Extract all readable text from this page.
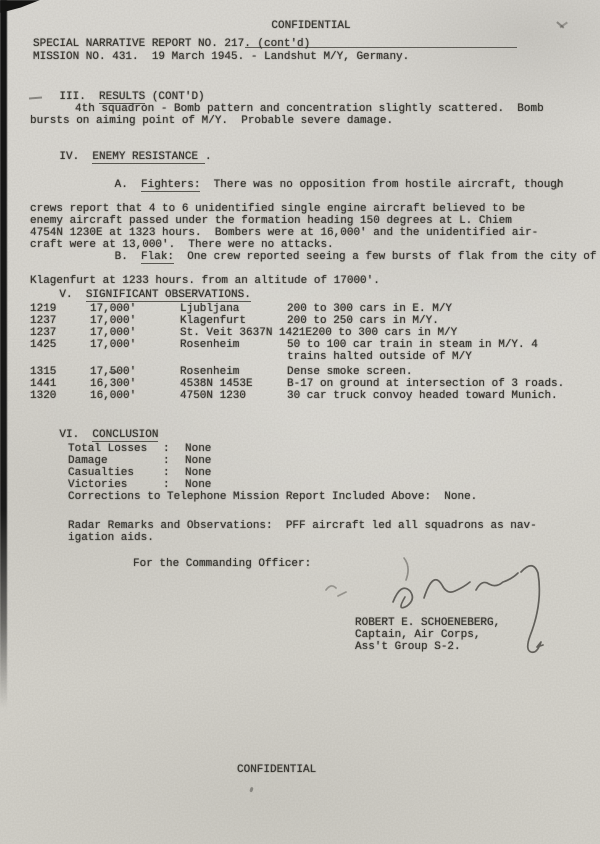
CONFIDENTIAL

SPECIAL NARRATIVE REPORT NO. 217. (cont'd)
MISSION NO. 431.  19 March 1945. - Landshut M/Y, Germany.

III.  RESULTS (CONT'D)

4th squadron - Bomb pattern and concentration slightly scattered.  Bomb
bursts on aiming point of M/Y.  Probable severe damage.

IV.  ENEMY RESISTANCE .

A.  Fighters:  There was no opposition from hostile aircraft, though

crews report that 4 to 6 unidentified single engine aircraft believed to be
enemy aircraft passed under the formation heading 150 degrees at L. Chiem
4754N 1230E at 1323 hours.  Bombers were at 16,000' and the unidentified air-
craft were at 13,000'.  There were no attacks.

B.  Flak:  One crew reported seeing a few bursts of flak from the city of

Klagenfurt at 1233 hours. from an altitude of 17000'.

V.  SIGNIFICANT OBSERVATIONS.

1219	17,000'	Ljubljana	200 to 300 cars in E. M/Y
1237	17,000'	Klagenfurt	200 to 250 cars in M/Y.
1237	17,000'	St. Veit 3637N 1421E 200 to 300 cars in M/Y
1425	17,000'	Rosenheim	50 to 100 car train in steam in M/Y. 4 trains halted outside of M/Y
1315	17,500'	Rosenheim	Dense smoke screen.
1441	16,300'	4538N 1453E	B-17 on ground at intersection of 3 roads.
1320	16,000'	4750N 1230	30 car truck convoy headed toward Munich.

VI.  CONCLUSION

Total Losses	:	None
Damage	:	None
Casualties	:	None
Victories	:	None
Corrections to Telephone Mission Report Included Above:  None.
Radar Remarks and Observations:  PFF aircraft led all squadrons as nav-
igation aids.
For the Commanding Officer:
ROBERT E. SCHOENEBERG,
Captain, Air Corps,
Ass't Group S-2.
CONFIDENTIAL
